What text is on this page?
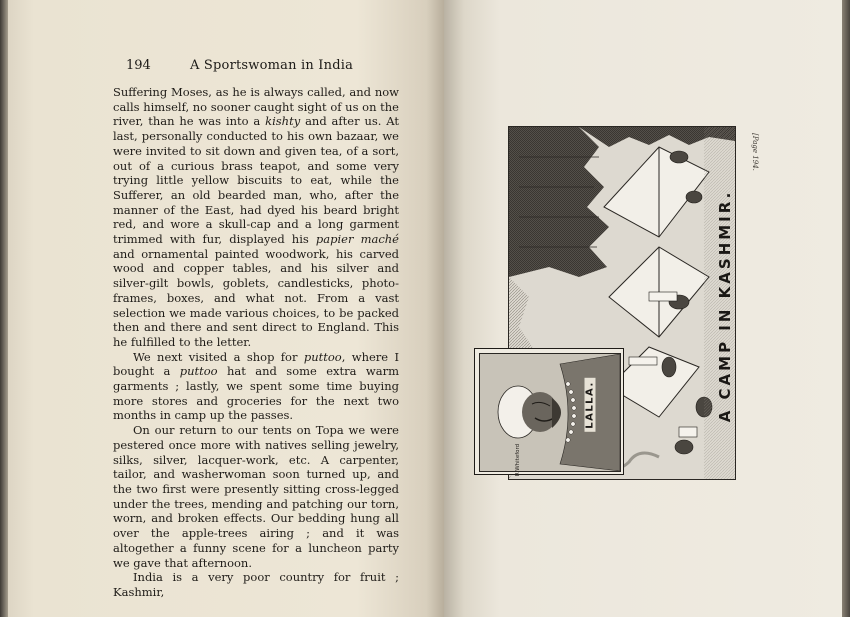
194	A Sportswoman in India

Suffering Moses, as he is always called, and now calls himself, no sooner caught sight of us on the river, than he was into a kishty and after us. At last, personally conducted to his own bazaar, we were invited to sit down and given tea, of a sort, out of a curious brass teapot, and some very trying little yellow biscuits to eat, while the Sufferer, an old bearded man, who, after the manner of the East, had dyed his beard bright red, and wore a skull-cap and a long garment trimmed with fur, displayed his papier maché and ornamental painted woodwork, his carved wood and copper tables, and his silver and silver-gilt bowls, goblets, candlesticks, photo-frames, boxes, and what not. From a vast selection we made various choices, to be packed then and there and sent direct to England. This he fulfilled to the letter.

We next visited a shop for puttoo, where I bought a puttoo hat and some extra warm garments ; lastly, we spent some time buying more stores and groceries for the next two months in camp up the passes.

On our return to our tents on Topa we were pestered once more with natives selling jewelry, silks, silver, lacquer-work, etc. A carpenter, tailor, and washerwoman soon turned up, and the two first were presently sitting cross-legged under the trees, mending and patching our torn, worn, and broken effects. Our bedding hung all over the apple-trees airing ; and it was altogether a funny scene for a luncheon party we gave that afternoon.

India is a very poor country for fruit ; Kashmir,

LALLA.	A CAMP IN KASHMIR.
R.Whiteford
[Page 194.
